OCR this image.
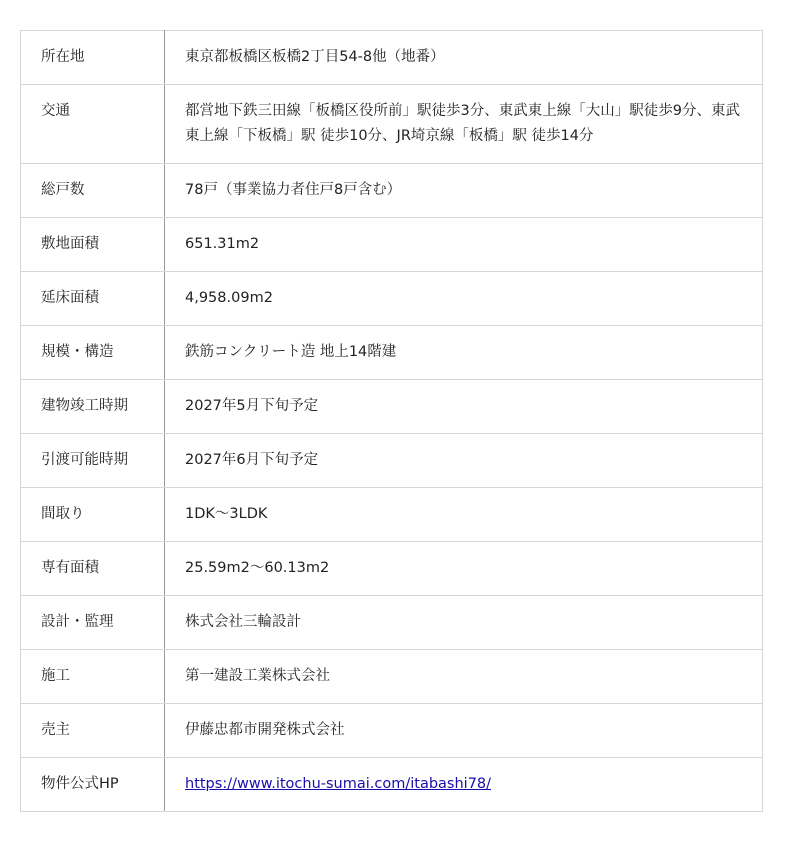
所在地	東京都板橋区板橋2丁目54-8他（地番）
交通	都営地下鉄三田線「板橋区役所前」駅徒歩3分、東武東上線「大山」駅徒歩9分、東武東上線「下板橋」駅 徒歩10分、JR埼京線「板橋」駅 徒歩14分
総戸数	78戸（事業協力者住戸8戸含む）
敷地面積	651.31m2
延床面積	4,958.09m2
規模・構造	鉄筋コンクリート造 地上14階建
建物竣工時期	2027年5月下旬予定
引渡可能時期	2027年6月下旬予定
間取り	1DK～3LDK
専有面積	25.59m2～60.13m2
設計・監理	株式会社三輪設計
施工	第一建設工業株式会社
売主	伊藤忠都市開発株式会社
物件公式HP	https://www.itochu-sumai.com/itabashi78/
